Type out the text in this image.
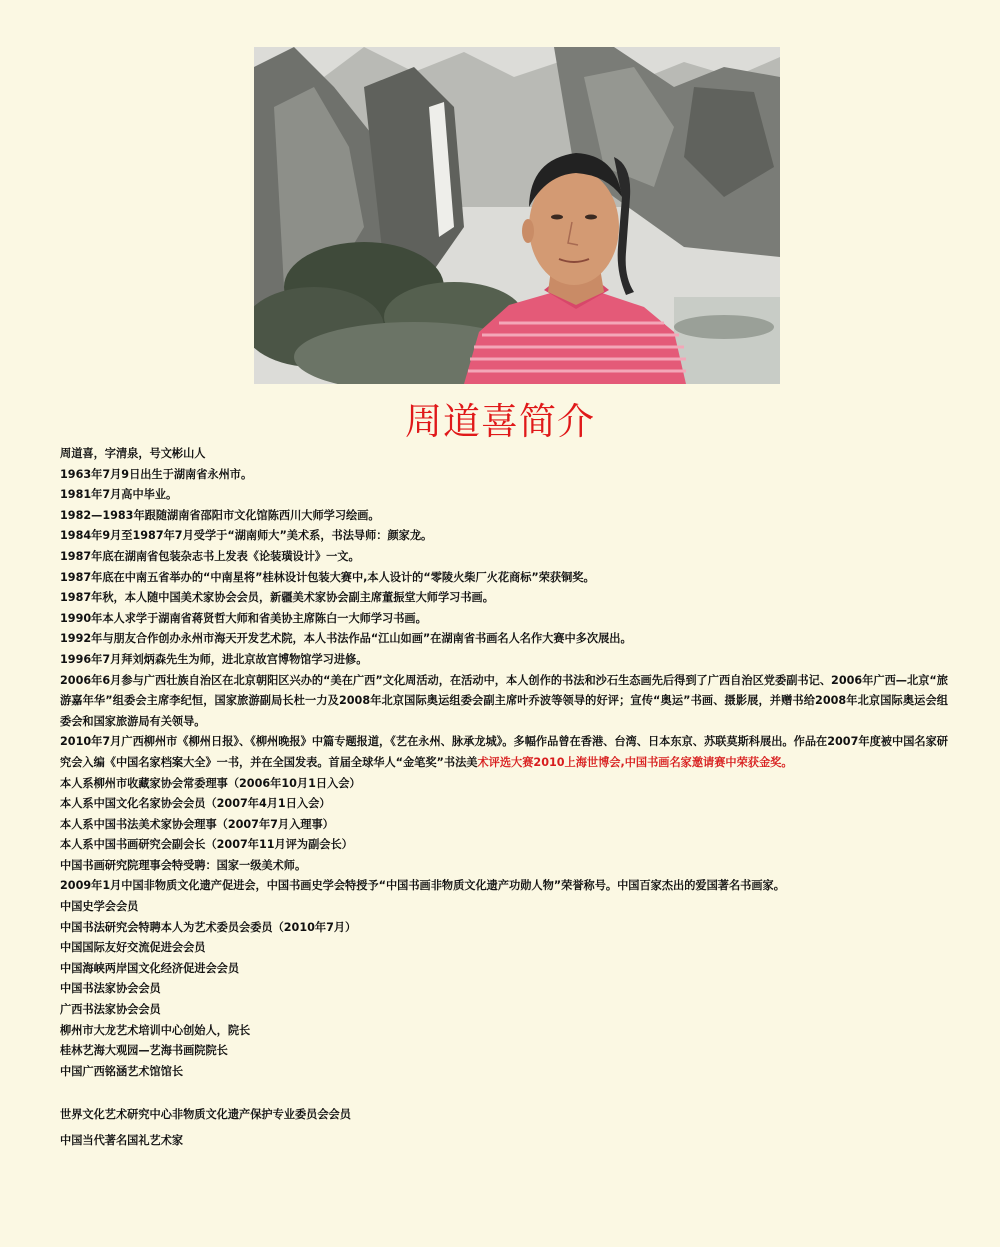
周道喜简介
周道喜，字清泉，号文彬山人
1963年7月9日出生于湖南省永州市。
1981年7月高中毕业。
1982—1983年跟随湖南省邵阳市文化馆陈西川大师学习绘画。
1984年9月至1987年7月受学于“湖南师大”美术系，书法导师：颜家龙。
1987年底在湖南省包装杂志书上发表《论装璜设计》一文。
1987年底在中南五省举办的“中南星将”桂林设计包装大赛中,本人设计的“零陵火柴厂火花商标”荣获铜奖。
1987年秋，本人随中国美术家协会会员，新疆美术家协会副主席董振堂大师学习书画。
1990年本人求学于湖南省蒋贤哲大师和省美协主席陈白一大师学习书画。
1992年与朋友合作创办永州市海天开发艺术院，本人书法作品“江山如画”在湖南省书画名人名作大赛中多次展出。
1996年7月拜刘炳森先生为师，进北京故宫博物馆学习进修。
2006年6月参与广西壮族自治区在北京朝阳区兴办的“美在广西”文化周活动，在活动中，本人创作的书法和沙石生态画先后得到了广西自治区党委副书记、2006年广西—北京“旅游嘉年华”组委会主席李纪恒，国家旅游副局长杜一力及2008年北京国际奥运组委会副主席叶乔波等领导的好评；宣传“奥运”书画、摄影展，并赠书给2008年北京国际奥运会组委会和国家旅游局有关领导。
2010年7月广西柳州市《柳州日报》、《柳州晚报》中篇专题报道，《艺在永州、脉承龙城》。多幅作品曾在香港、台湾、日本东京、苏联莫斯科展出。作品在2007年度被中国名家研究会入编《中国名家档案大全》一书，并在全国发表。首届全球华人“金笔奖”书法美术评选大赛2010上海世博会,中国书画名家邀请赛中荣获金奖。
本人系柳州市收藏家协会常委理事（2006年10月1日入会）
本人系中国文化名家协会会员（2007年4月1日入会）
本人系中国书法美术家协会理事（2007年7月入理事）
本人系中国书画研究会副会长（2007年11月评为副会长）
中国书画研究院理事会特受聘：国家一级美术师。
2009年1月中国非物质文化遗产促进会，中国书画史学会特授予“中国书画非物质文化遗产功勋人物”荣誉称号。中国百家杰出的爱国著名书画家。
中国史学会会员
中国书法研究会特聘本人为艺术委员会委员（2010年7月）
中国国际友好交流促进会会员
中国海峡两岸国文化经济促进会会员
中国书法家协会会员
广西书法家协会会员
柳州市大龙艺术培训中心创始人，院长
桂林艺海大观园—艺海书画院院长
中国广西铭涵艺术馆馆长
世界文化艺术研究中心非物质文化遗产保护专业委员会会员
中国当代著名国礼艺术家
